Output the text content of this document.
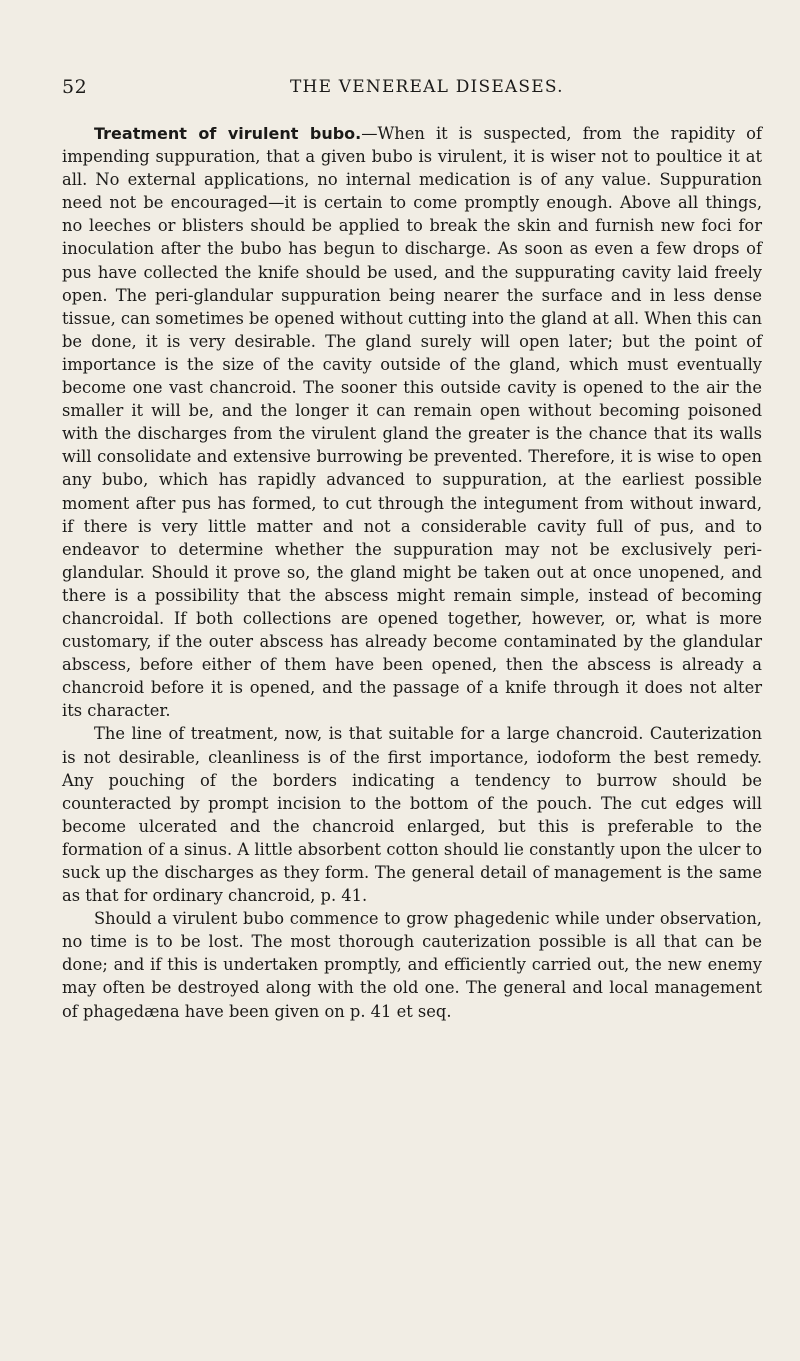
52	THE VENEREAL DISEASES.

Treatment of virulent bubo.—When it is suspected, from the rapidity of impending suppuration, that a given bubo is virulent, it is wiser not to poultice it at all. No external applications, no internal medication is of any value. Suppuration need not be encouraged—it is certain to come promptly enough. Above all things, no leeches or blisters should be applied to break the skin and furnish new foci for inoculation after the bubo has begun to discharge. As soon as even a few drops of pus have collected the knife should be used, and the suppurating cavity laid freely open. The peri-glandular suppuration being nearer the surface and in less dense tissue, can sometimes be opened without cutting into the gland at all. When this can be done, it is very desirable. The gland surely will open later; but the point of importance is the size of the cavity outside of the gland, which must eventually become one vast chancroid. The sooner this outside cavity is opened to the air the smaller it will be, and the longer it can remain open without becoming poisoned with the discharges from the virulent gland the greater is the chance that its walls will consolidate and extensive burrowing be prevented. Therefore, it is wise to open any bubo, which has rapidly advanced to suppuration, at the earliest possible moment after pus has formed, to cut through the integument from without inward, if there is very little matter and not a considerable cavity full of pus, and to endeavor to determine whether the suppuration may not be exclusively peri-glandular. Should it prove so, the gland might be taken out at once unopened, and there is a possibility that the abscess might remain simple, instead of becoming chancroidal. If both collections are opened together, however, or, what is more customary, if the outer abscess has already become contaminated by the glandular abscess, before either of them have been opened, then the abscess is already a chancroid before it is opened, and the passage of a knife through it does not alter its character.

The line of treatment, now, is that suitable for a large chancroid. Cauterization is not desirable, cleanliness is of the first importance, iodoform the best remedy. Any pouching of the borders indicating a tendency to burrow should be counteracted by prompt incision to the bottom of the pouch. The cut edges will become ulcerated and the chancroid enlarged, but this is preferable to the formation of a sinus. A little absorbent cotton should lie constantly upon the ulcer to suck up the discharges as they form. The general detail of management is the same as that for ordinary chancroid, p. 41.

Should a virulent bubo commence to grow phagedenic while under observation, no time is to be lost. The most thorough cauterization possible is all that can be done; and if this is undertaken promptly, and efficiently carried out, the new enemy may often be destroyed along with the old one. The general and local management of phagedæna have been given on p. 41 et seq.
